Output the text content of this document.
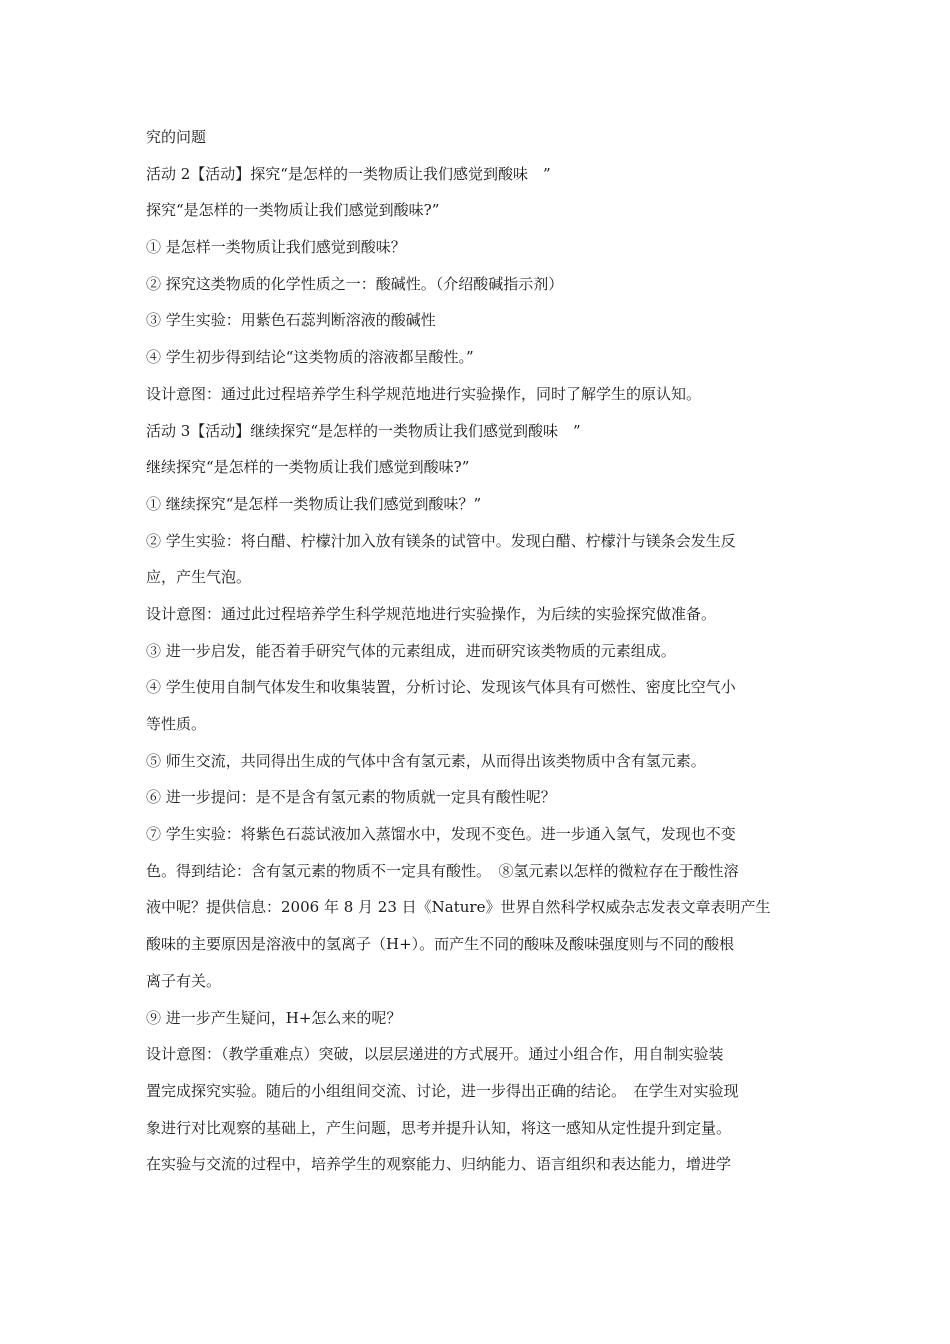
究的问题
活动 2【活动】探究“是怎样的一类物质让我们感觉到酸味　”
探究“是怎样的一类物质让我们感觉到酸味?”
① 是怎样一类物质让我们感觉到酸味？
② 探究这类物质的化学性质之一：酸碱性。（介绍酸碱指示剂）
③ 学生实验：用紫色石蕊判断溶液的酸碱性
④ 学生初步得到结论“这类物质的溶液都呈酸性。”
设计意图：通过此过程培养学生科学规范地进行实验操作，同时了解学生的原认知。
活动 3【活动】继续探究“是怎样的一类物质让我们感觉到酸味　”
继续探究“是怎样的一类物质让我们感觉到酸味?”
① 继续探究“是怎样一类物质让我们感觉到酸味？”
② 学生实验：将白醋、柠檬汁加入放有镁条的试管中。发现白醋、柠檬汁与镁条会发生反
应，产生气泡。
设计意图：通过此过程培养学生科学规范地进行实验操作，为后续的实验探究做准备。
③ 进一步启发，能否着手研究气体的元素组成，进而研究该类物质的元素组成。
④ 学生使用自制气体发生和收集装置，分析讨论、发现该气体具有可燃性、密度比空气小
等性质。
⑤ 师生交流，共同得出生成的气体中含有氢元素，从而得出该类物质中含有氢元素。
⑥ 进一步提问：是不是含有氢元素的物质就一定具有酸性呢？
⑦ 学生实验：将紫色石蕊试液加入蒸馏水中，发现不变色。进一步通入氢气，发现也不变
色。得到结论：含有氢元素的物质不一定具有酸性。　⑧氢元素以怎样的微粒存在于酸性溶
液中呢？提供信息：2006 年 8 月 23 日《Nature》世界自然科学权威杂志发表文章表明产生
酸味的主要原因是溶液中的氢离子（H+）。而产生不同的酸味及酸味强度则与不同的酸根
离子有关。
⑨ 进一步产生疑问，H+怎么来的呢？
设计意图：（教学重难点）突破，以层层递进的方式展开。通过小组合作，用自制实验装
置完成探究实验。随后的小组组间交流、讨论，进一步得出正确的结论。　在学生对实验现
象进行对比观察的基础上，产生问题，思考并提升认知，将这一感知从定性提升到定量。
在实验与交流的过程中，培养学生的观察能力、归纳能力、语言组织和表达能力，增进学
